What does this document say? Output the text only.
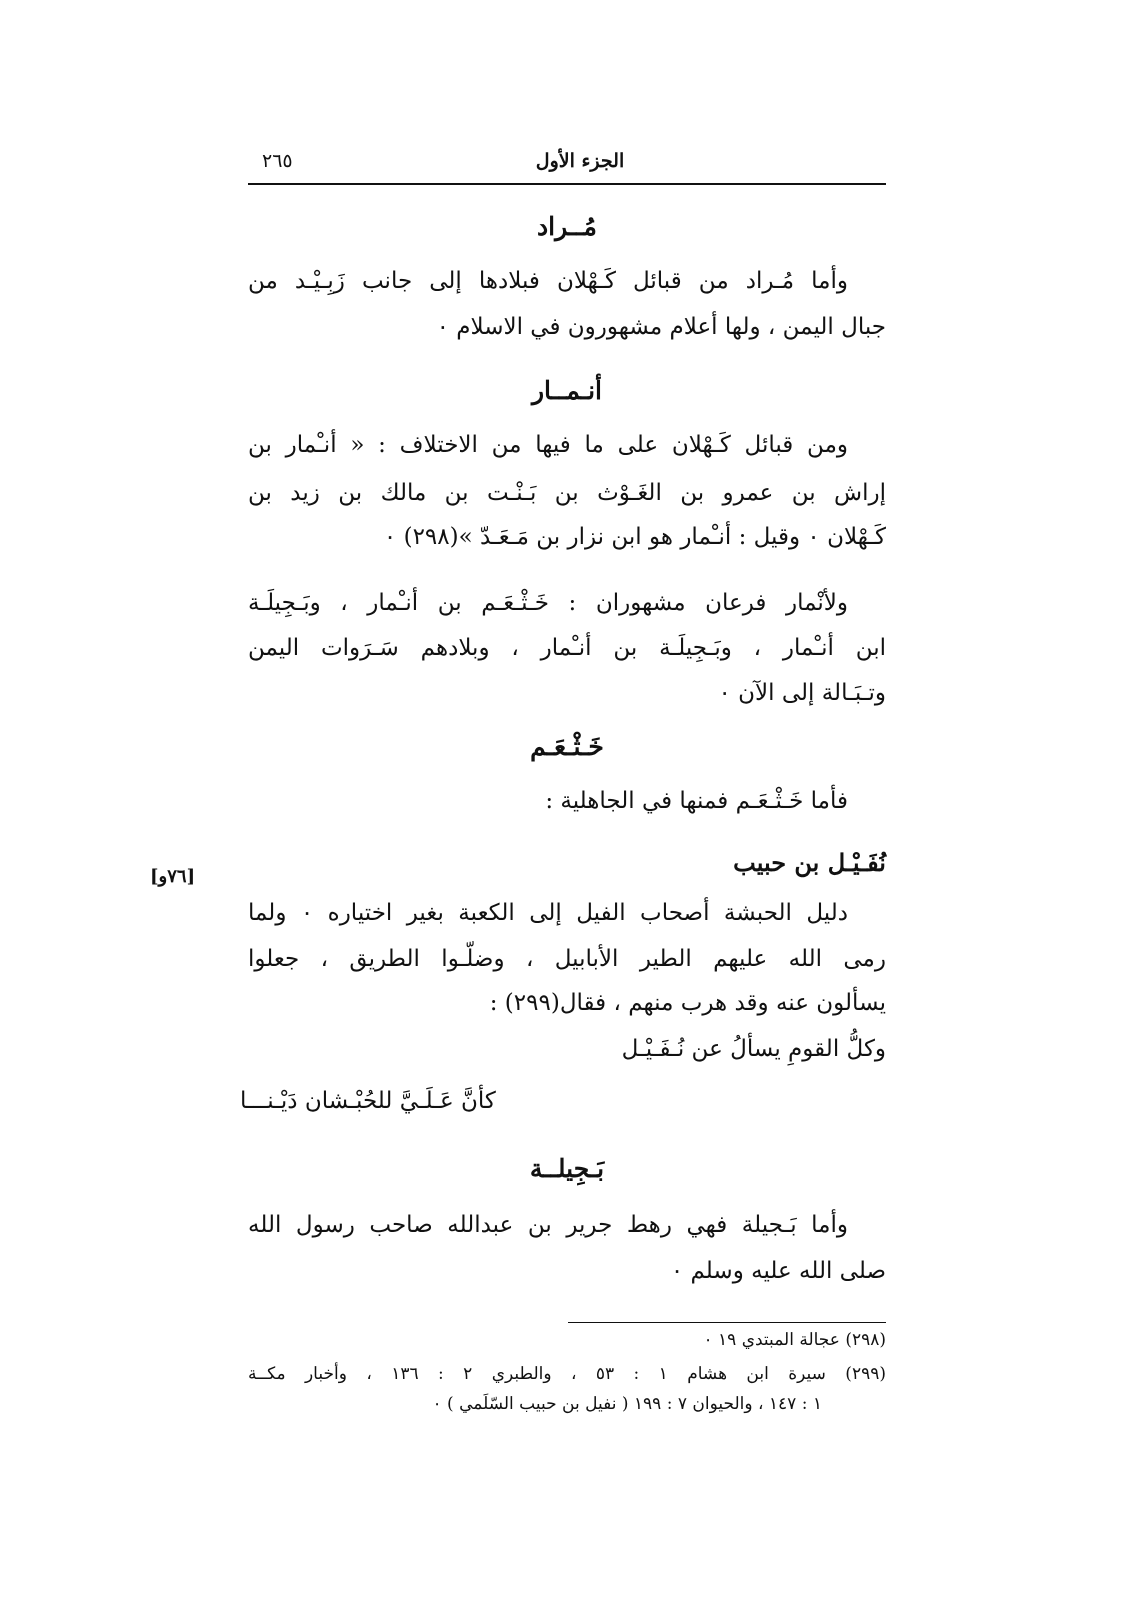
الجزء الأول
٢٦٥
مُــراد
وأما مُـراد من قبائل كَـهْلان فبلادها إلى جانب زَبِـيْـد من
جبال اليمن ، ولها أعلام مشهورون في الاسلام ٠
أنـمــار
ومن قبائل كَـهْلان على ما فيها من الاختلاف : « أنـْمار بن
إراش بن عمرو بن الغَـوْث بن بَـنْـت بن مالك بن زيد بن
كَـهْلان ٠ وقيل : أنـْمار هو ابن نزار بن مَـعَـدّ »(٢٩٨) ٠
ولأنْمار فرعان مشهوران : خَـثْـعَـم بن أنـْمار ، وبَـجِيلَـة
ابن أنـْمار ، وبَـجِيلَـة بن أنـْمار ، وبلادهم سَـرَوات اليمن
وتـبَـالة إلى الآن ٠
خَـثْـعَـم
فأما خَـثْـعَـم فمنها في الجاهلية :
[٧٦و]	نُفَـيْـل بن حبيب
دليل الحبشة أصحاب الفيل إلى الكعبة بغير اختياره ٠ ولما
رمى الله عليهم الطير الأبابيل ، وضلّـوا الطريق ، جعلوا
يسألون عنه وقد هرب منهم ، فقال(٢٩٩) :
وكلُّ القومِ يسألُ عن نُـفَـيْـل
كأنَّ عَـلَـيَّ للحُبْـشان دَيْـنـــا
بَـجِيلــة
وأما بَـجيلة فهي رهط جرير بن عبدالله صاحب رسول الله
صلى الله عليه وسلم ٠
(٢٩٨) عجالة المبتدي ١٩ ٠
(٢٩٩) سيرة ابن هشام ١ : ٥٣ ، والطبري ٢ : ١٣٦ ، وأخبار مكــة
١ : ١٤٧ ، والحيوان ٧ : ١٩٩ ( نفيل بن حبيب السّلَمي ) ٠
